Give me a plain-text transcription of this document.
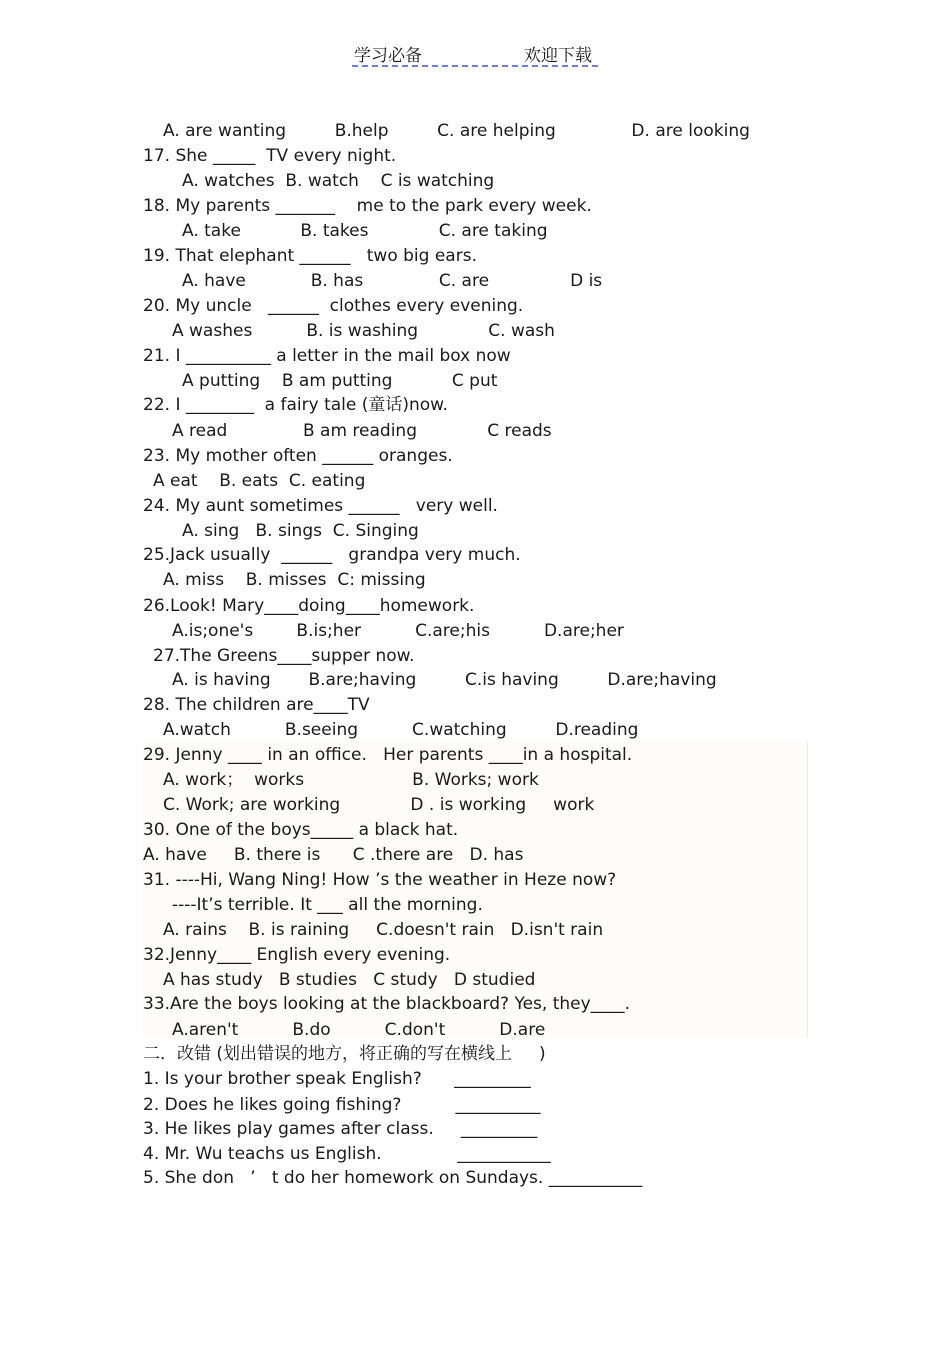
学习必备	欢迎下载
A. are wanting         B.help         C. are helping              D. are looking
17. She _____  TV every night.
A. watches  B. watch    C is watching
18. My parents _______    me to the park every week.
A. take           B. takes             C. are taking
19. That elephant ______   two big ears.
A. have            B. has              C. are               D is
20. My uncle   ______  clothes every evening.
A washes          B. is washing             C. wash
21. I __________ a letter in the mail box now
A putting    B am putting           C put
22. I ________  a fairy tale (童话)now.
A read              B am reading             C reads
23. My mother often ______ oranges.
A eat    B. eats  C. eating
24. My aunt sometimes ______   very well.
A. sing   B. sings  C. Singing
25.Jack usually  ______   grandpa very much.
A. miss    B. misses  C: missing
26.Look! Mary____doing____homework.
A.is;one's        B.is;her          C.are;his          D.are;her
27.The Greens____supper now.
A. is having       B.are;having         C.is having         D.are;having
28. The children are____TV
A.watch          B.seeing          C.watching         D.reading
29. Jenny ____ in an office.   Her parents ____in a hospital.
A. work；  works                    B. Works; work
C. Work; are working             D . is working     work
30. One of the boys_____ a black hat.
A. have     B. there is      C .there are   D. has
31. ----Hi, Wang Ning! How ’s the weather in Heze now?
----It’s terrible. It ___ all the morning.
A. rains    B. is raining     C.doesn't rain   D.isn't rain
32.Jenny____ English every evening.
A has study   B studies   C study   D studied
33.Are the boys looking at the blackboard? Yes, they____.
A.aren't          B.do          C.don't          D.are
二．改错 (划出错误的地方，将正确的写在横线上     )
1. Is your brother speak English?      _________
2. Does he likes going fishing?          __________
3. He likes play games after class.     _________
4. Mr. Wu teachs us English.              ___________
5. She don   ’   t do her homework on Sundays. ___________
